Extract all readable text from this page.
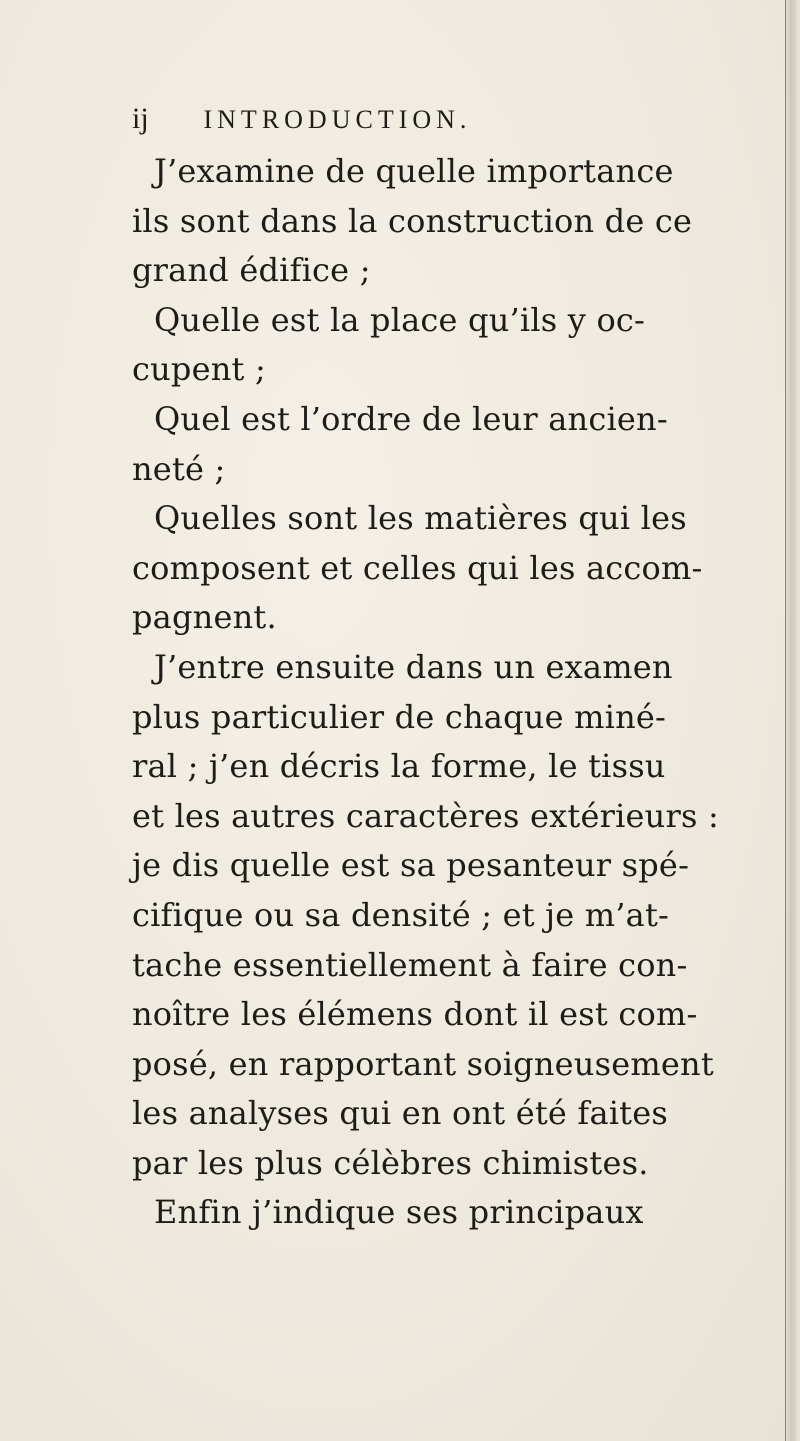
ij INTRODUCTION.
J’examine de quelle importance
ils sont dans la construction de ce
grand édifice ;
Quelle est la place qu’ils y oc-
cupent ;
Quel est l’ordre de leur ancien-
neté ;
Quelles sont les matières qui les
composent et celles qui les accom-
pagnent.
J’entre ensuite dans un examen
plus particulier de chaque miné-
ral ; j’en décris la forme, le tissu
et les autres caractères extérieurs :
je dis quelle est sa pesanteur spé-
cifique ou sa densité ; et je m’at-
tache essentiellement à faire con-
noître les élémens dont il est com-
posé, en rapportant soigneusement
les analyses qui en ont été faites
par les plus célèbres chimistes.
Enfin j’indique ses principaux
